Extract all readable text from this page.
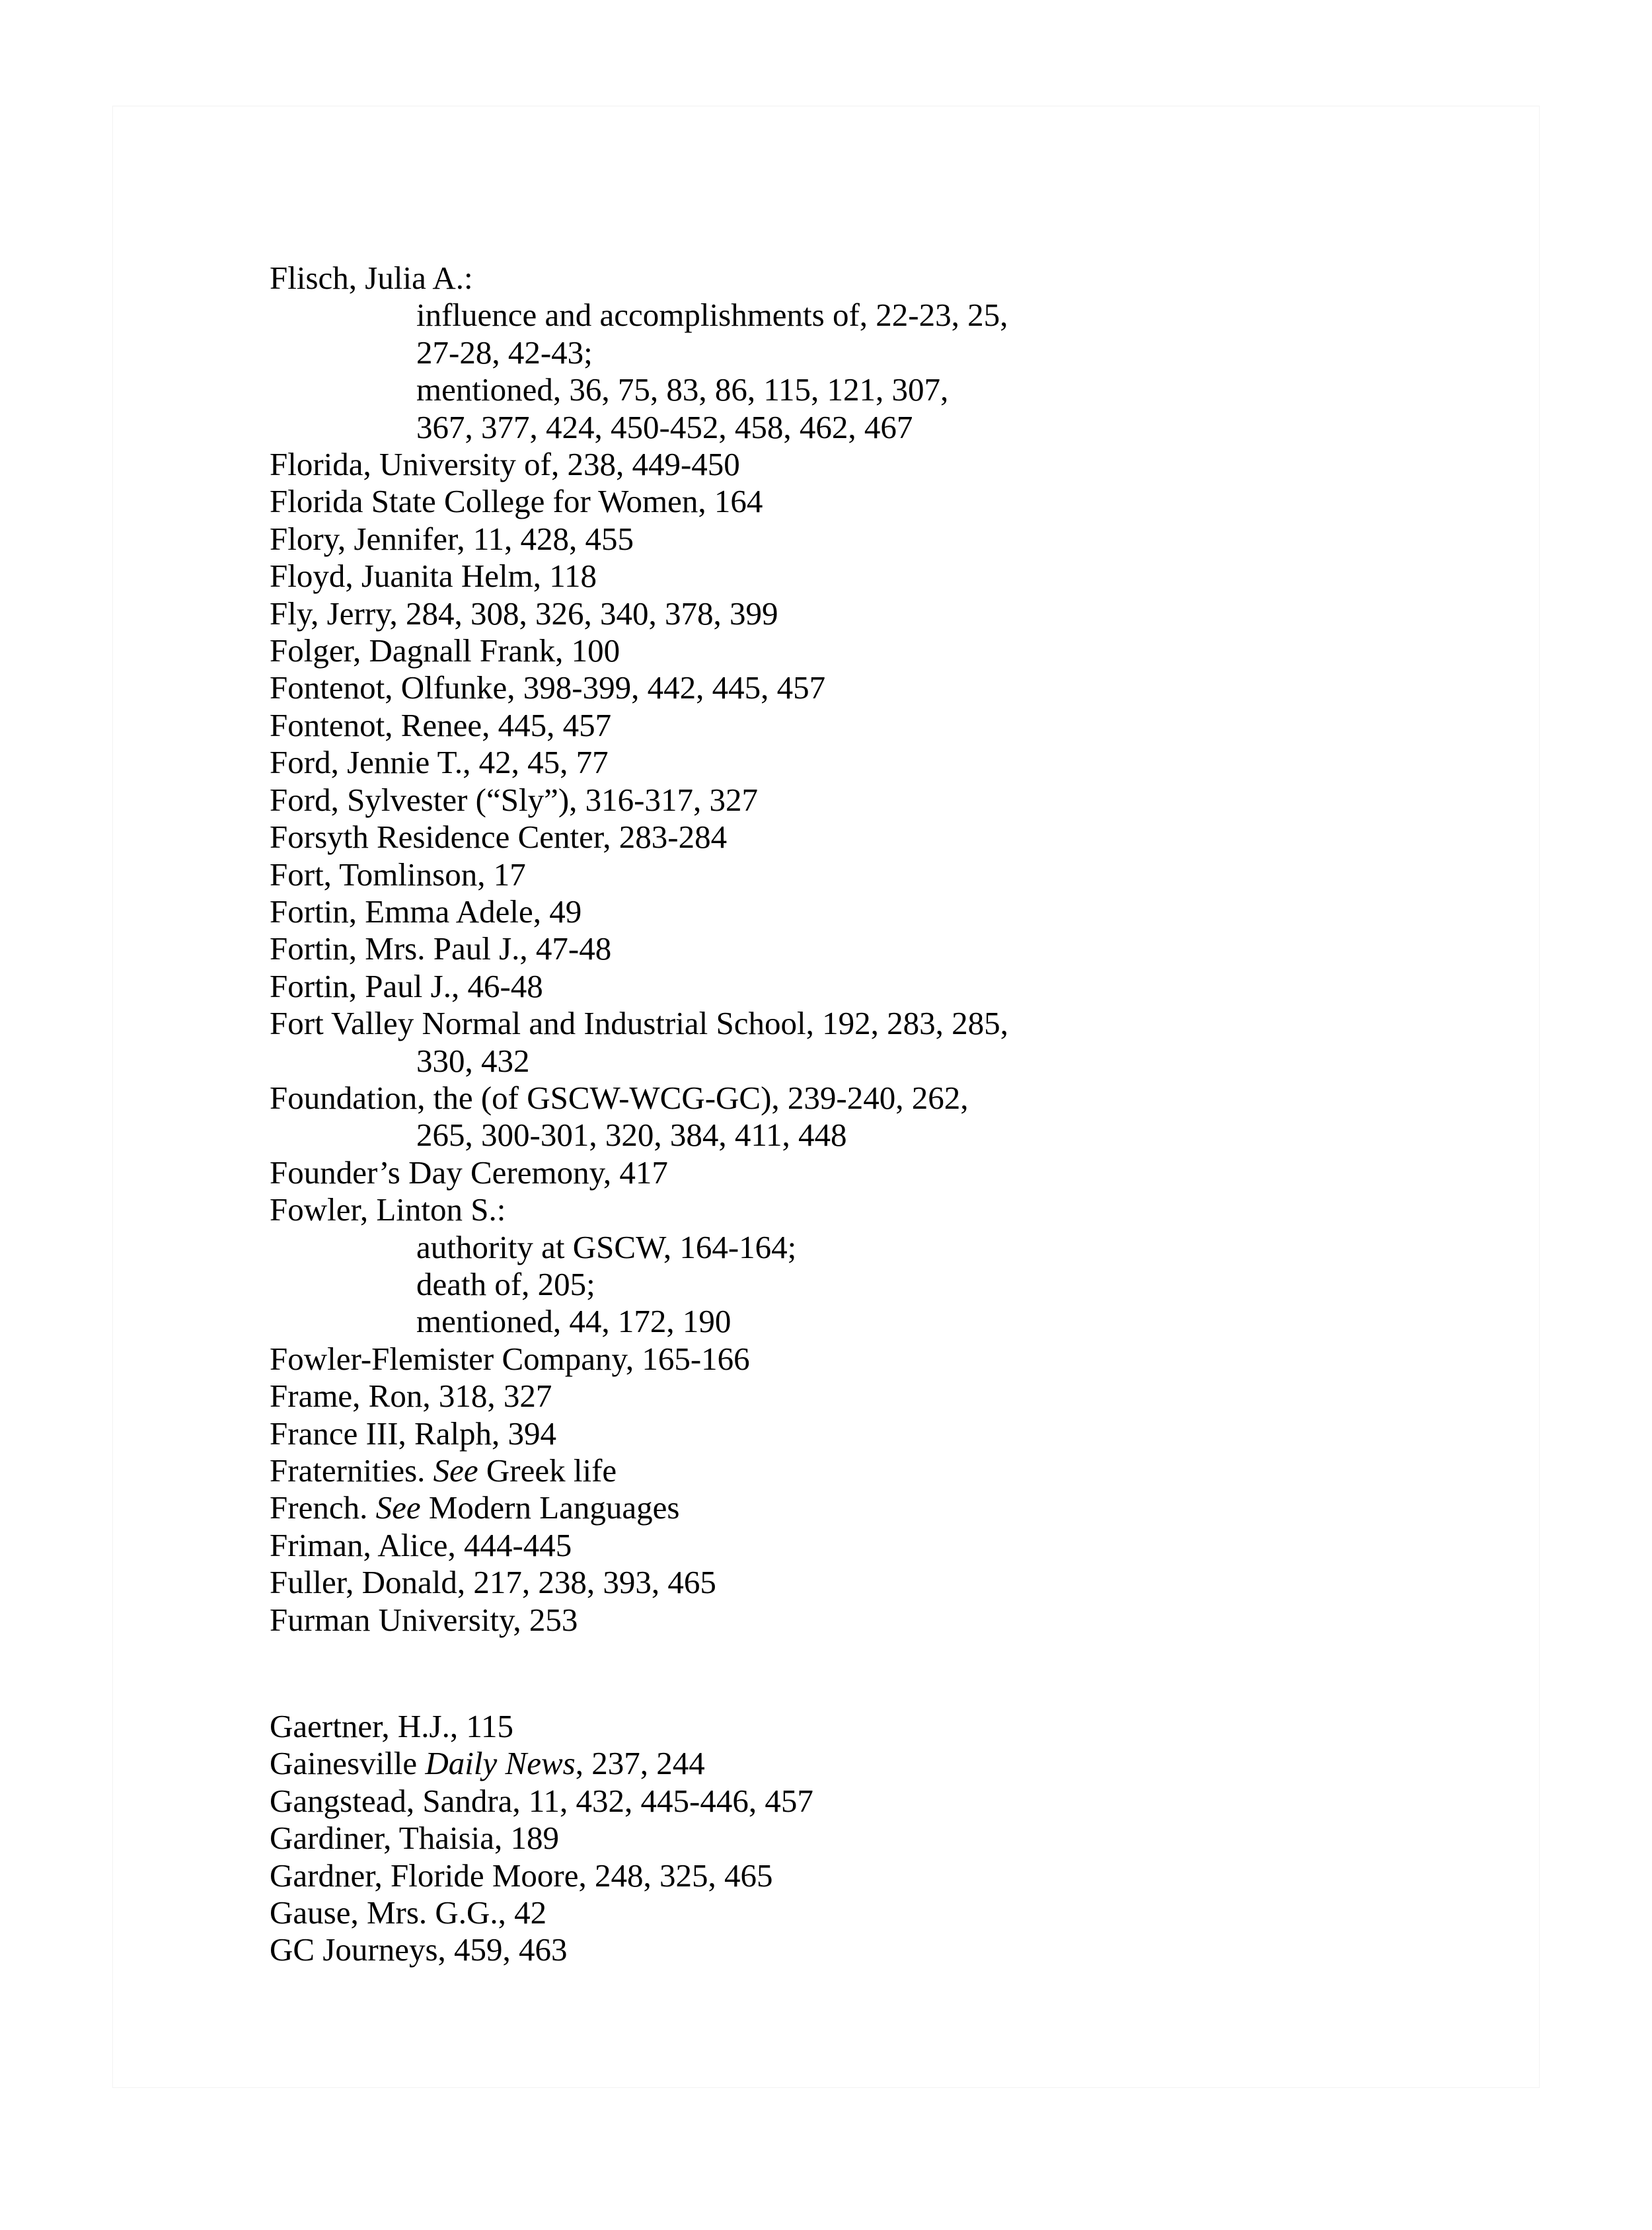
Flisch, Julia A.:
influence and accomplishments of, 22-23, 25,
27-28, 42-43;
mentioned, 36, 75, 83, 86, 115, 121, 307,
367, 377, 424, 450-452, 458, 462, 467
Florida, University of, 238, 449-450
Florida State College for Women, 164
Flory, Jennifer, 11, 428, 455
Floyd, Juanita Helm, 118
Fly, Jerry, 284, 308, 326, 340, 378, 399
Folger, Dagnall Frank, 100
Fontenot, Olfunke, 398-399, 442, 445, 457
Fontenot, Renee, 445, 457
Ford, Jennie T., 42, 45, 77
Ford, Sylvester (“Sly”), 316-317, 327
Forsyth Residence Center, 283-284
Fort, Tomlinson, 17
Fortin, Emma Adele, 49
Fortin, Mrs. Paul J., 47-48
Fortin, Paul J., 46-48
Fort Valley Normal and Industrial School, 192, 283, 285,
330, 432
Foundation, the (of GSCW-WCG-GC), 239-240, 262,
265, 300-301, 320, 384, 411, 448
Founder’s Day Ceremony, 417
Fowler, Linton S.:
authority at GSCW, 164-164;
death of, 205;
mentioned, 44, 172, 190
Fowler-Flemister Company, 165-166
Frame, Ron, 318, 327
France III, Ralph, 394
Fraternities. See Greek life
French. See Modern Languages
Friman, Alice, 444-445
Fuller, Donald, 217, 238, 393, 465
Furman University, 253
Gaertner, H.J., 115
Gainesville Daily News, 237, 244
Gangstead, Sandra, 11, 432, 445-446, 457
Gardiner, Thaisia, 189
Gardner, Floride Moore, 248, 325, 465
Gause, Mrs. G.G., 42
GC Journeys, 459, 463
